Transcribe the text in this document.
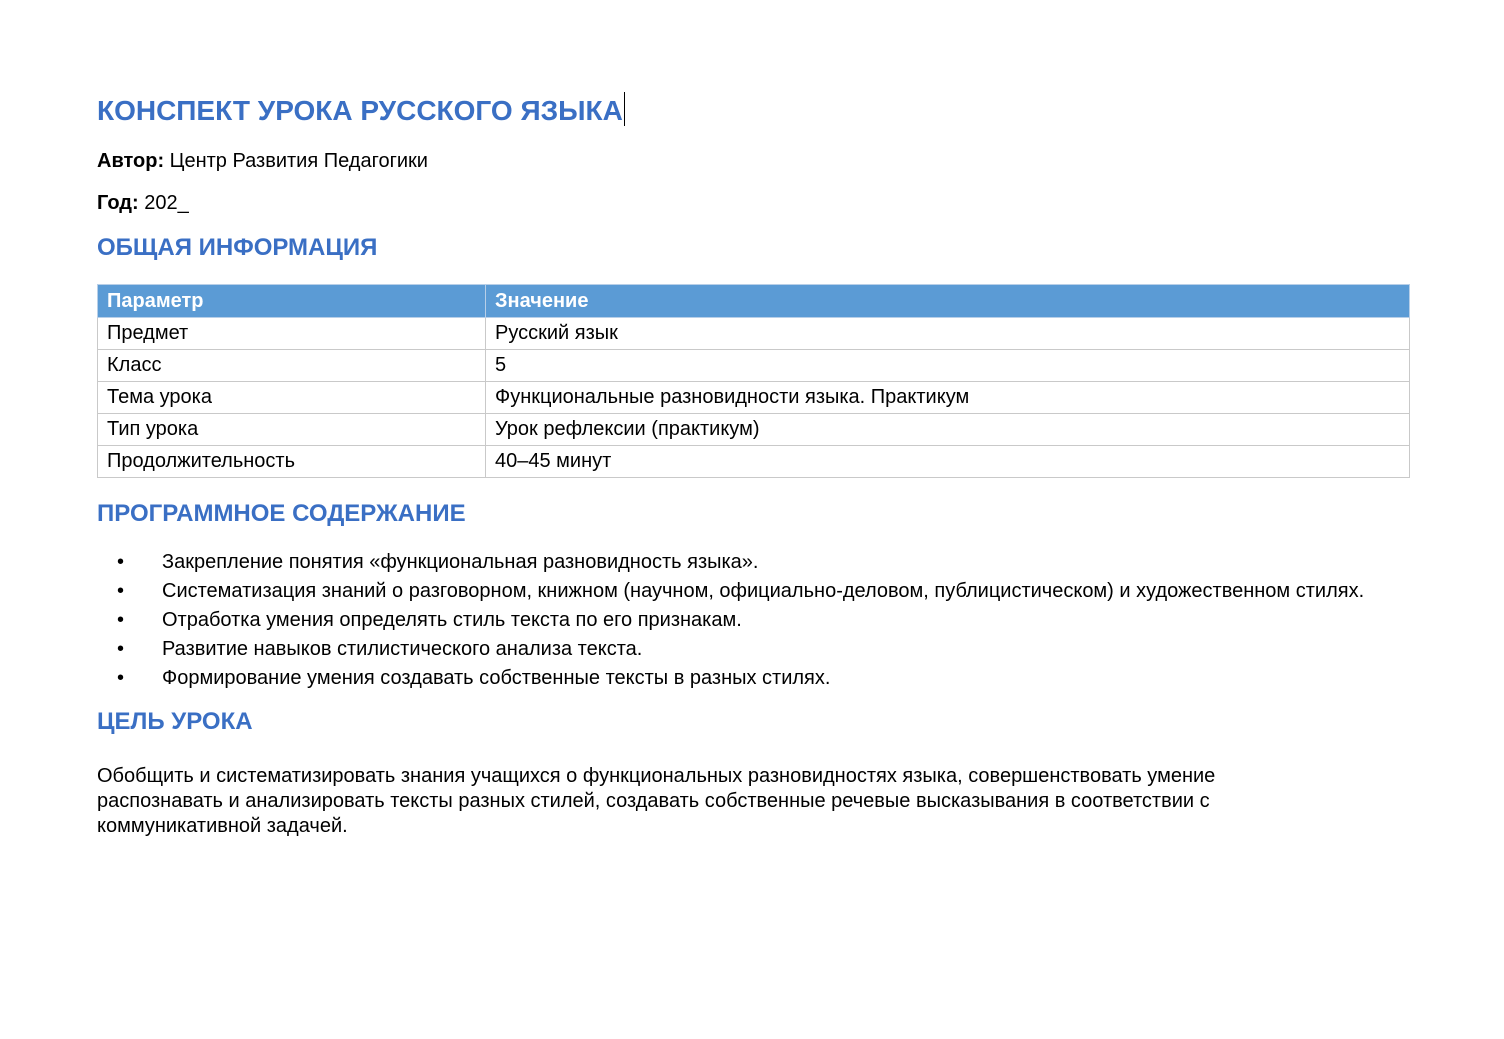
КОНСПЕКТ УРОКА РУССКОГО ЯЗЫКА

Автор: Центр Развития Педагогики

Год: 202_

ОБЩАЯ ИНФОРМАЦИЯ
Параметр	Значение
Предмет	Русский язык
Класс	5
Тема урока	Функциональные разновидности языка. Практикум
Тип урока	Урок рефлексии (практикум)
Продолжительность	40–45 минут
ПРОГРАММНОЕ СОДЕРЖАНИЕ
• Закрепление понятия «функциональная разновидность языка».
• Систематизация знаний о разговорном, книжном (научном, официально-деловом, публицистическом) и художественном стилях.
• Отработка умения определять стиль текста по его признакам.
• Развитие навыков стилистического анализа текста.
• Формирование умения создавать собственные тексты в разных стилях.
ЦЕЛЬ УРОКА

Обобщить и систематизировать знания учащихся о функциональных разновидностях языка, совершенствовать умение распознавать и анализировать тексты разных стилей, создавать собственные речевые высказывания в соответствии с коммуникативной задачей.
